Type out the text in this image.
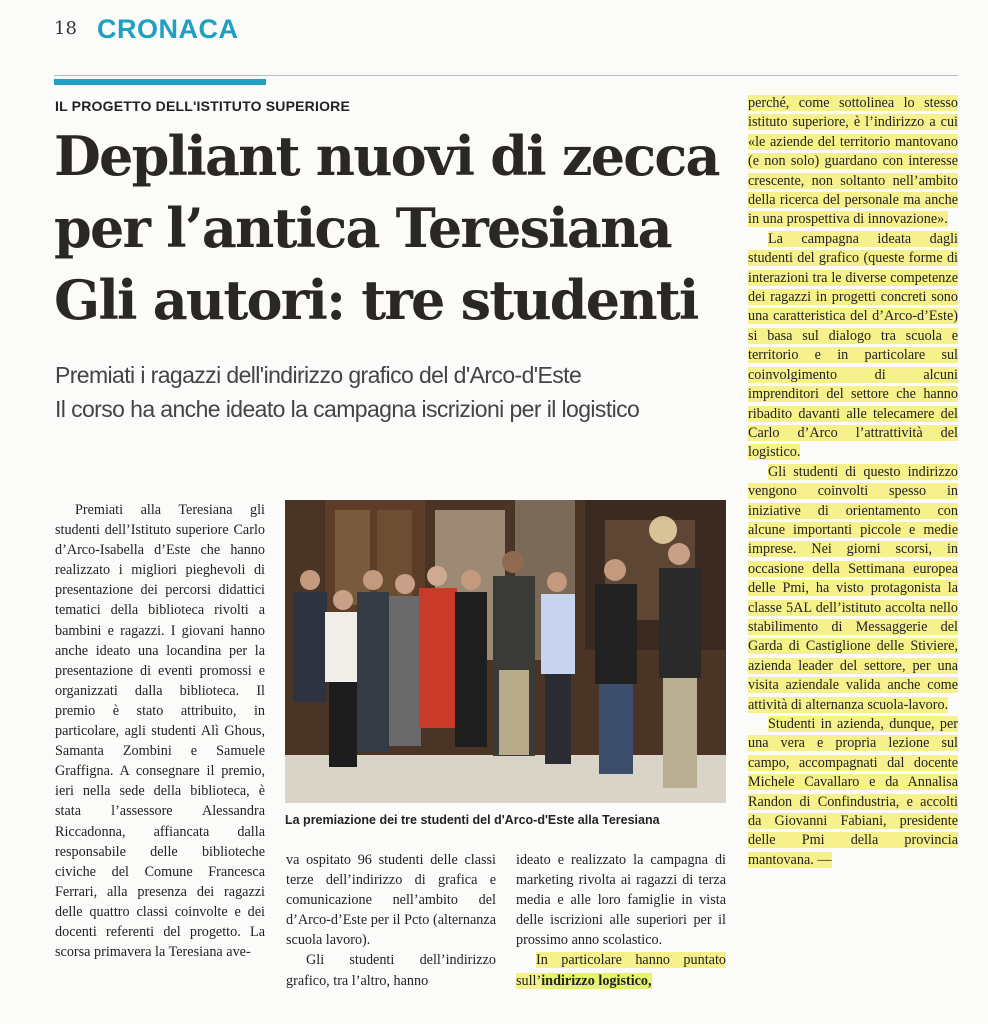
18 CRONACA
IL PROGETTO DELL'ISTITUTO SUPERIORE
Depliant nuovi di zecca
per l’antica Teresiana
Gli autori: tre studenti
Premiati i ragazzi dell'indirizzo grafico del d'Arco-d'Este
Il corso ha anche ideato la campagna iscrizioni per il logistico

Premiati alla Teresiana gli studenti dell’Istituto superiore Carlo d’Arco-Isabella d’Este che hanno realizzato i migliori pieghevoli di presentazione dei percorsi didattici tematici della biblioteca rivolti a bambini e ragazzi. I giovani hanno anche ideato una locandina per la presentazione di eventi promossi e organizzati dalla biblioteca. Il premio è stato attribuito, in particolare, agli studenti Alì Ghous, Samanta Zombini e Samuele Graffigna. A consegnare il premio, ieri nella sede della biblioteca, è stata l’assessore Alessandra Riccadonna, affiancata dalla responsabile delle biblioteche civiche del Comune Francesca Ferrari, alla presenza dei ragazzi delle quattro classi coinvolte e dei docenti referenti del progetto. La scorsa primavera la Teresiana ave-

La premiazione dei tre studenti del d'Arco-d'Este alla Teresiana

va ospitato 96 studenti delle classi terze dell’indirizzo di grafica e comunicazione nell’ambito del d’Arco-d’Este per il Pcto (alternanza scuola lavoro).

Gli studenti dell’indirizzo grafico, tra l’altro, hanno

ideato e realizzato la campagna di marketing rivolta ai ragazzi di terza media e alle loro famiglie in vista delle iscrizioni alle superiori per il prossimo anno scolastico.

In particolare hanno puntato sull’indirizzo logistico,

perché, come sottolinea lo stesso istituto superiore, è l’indirizzo a cui «le aziende del territorio mantovano (e non solo) guardano con interesse crescente, non soltanto nell’ambito della ricerca del personale ma anche in una prospettiva di innovazione».

La campagna ideata dagli studenti del grafico (queste forme di interazioni tra le diverse competenze dei ragazzi in progetti concreti sono una caratteristica del d’Arco-d’Este) si basa sul dialogo tra scuola e territorio e in particolare sul coinvolgimento di alcuni imprenditori del settore che hanno ribadito davanti alle telecamere del Carlo d’Arco l’attrattività del logistico.

Gli studenti di questo indirizzo vengono coinvolti spesso in iniziative di orientamento con alcune importanti piccole e medie imprese. Nei giorni scorsi, in occasione della Settimana europea delle Pmi, ha visto protagonista la classe 5AL dell’istituto accolta nello stabilimento di Messaggerie del Garda di Castiglione delle Stiviere, azienda leader del settore, per una visita aziendale valida anche come attività di alternanza scuola-lavoro.

Studenti in azienda, dunque, per una vera e propria lezione sul campo, accompagnati dal docente Michele Cavallaro e da Annalisa Randon di Confindustria, e accolti da Giovanni Fabiani, presidente delle Pmi della provincia mantovana. —
